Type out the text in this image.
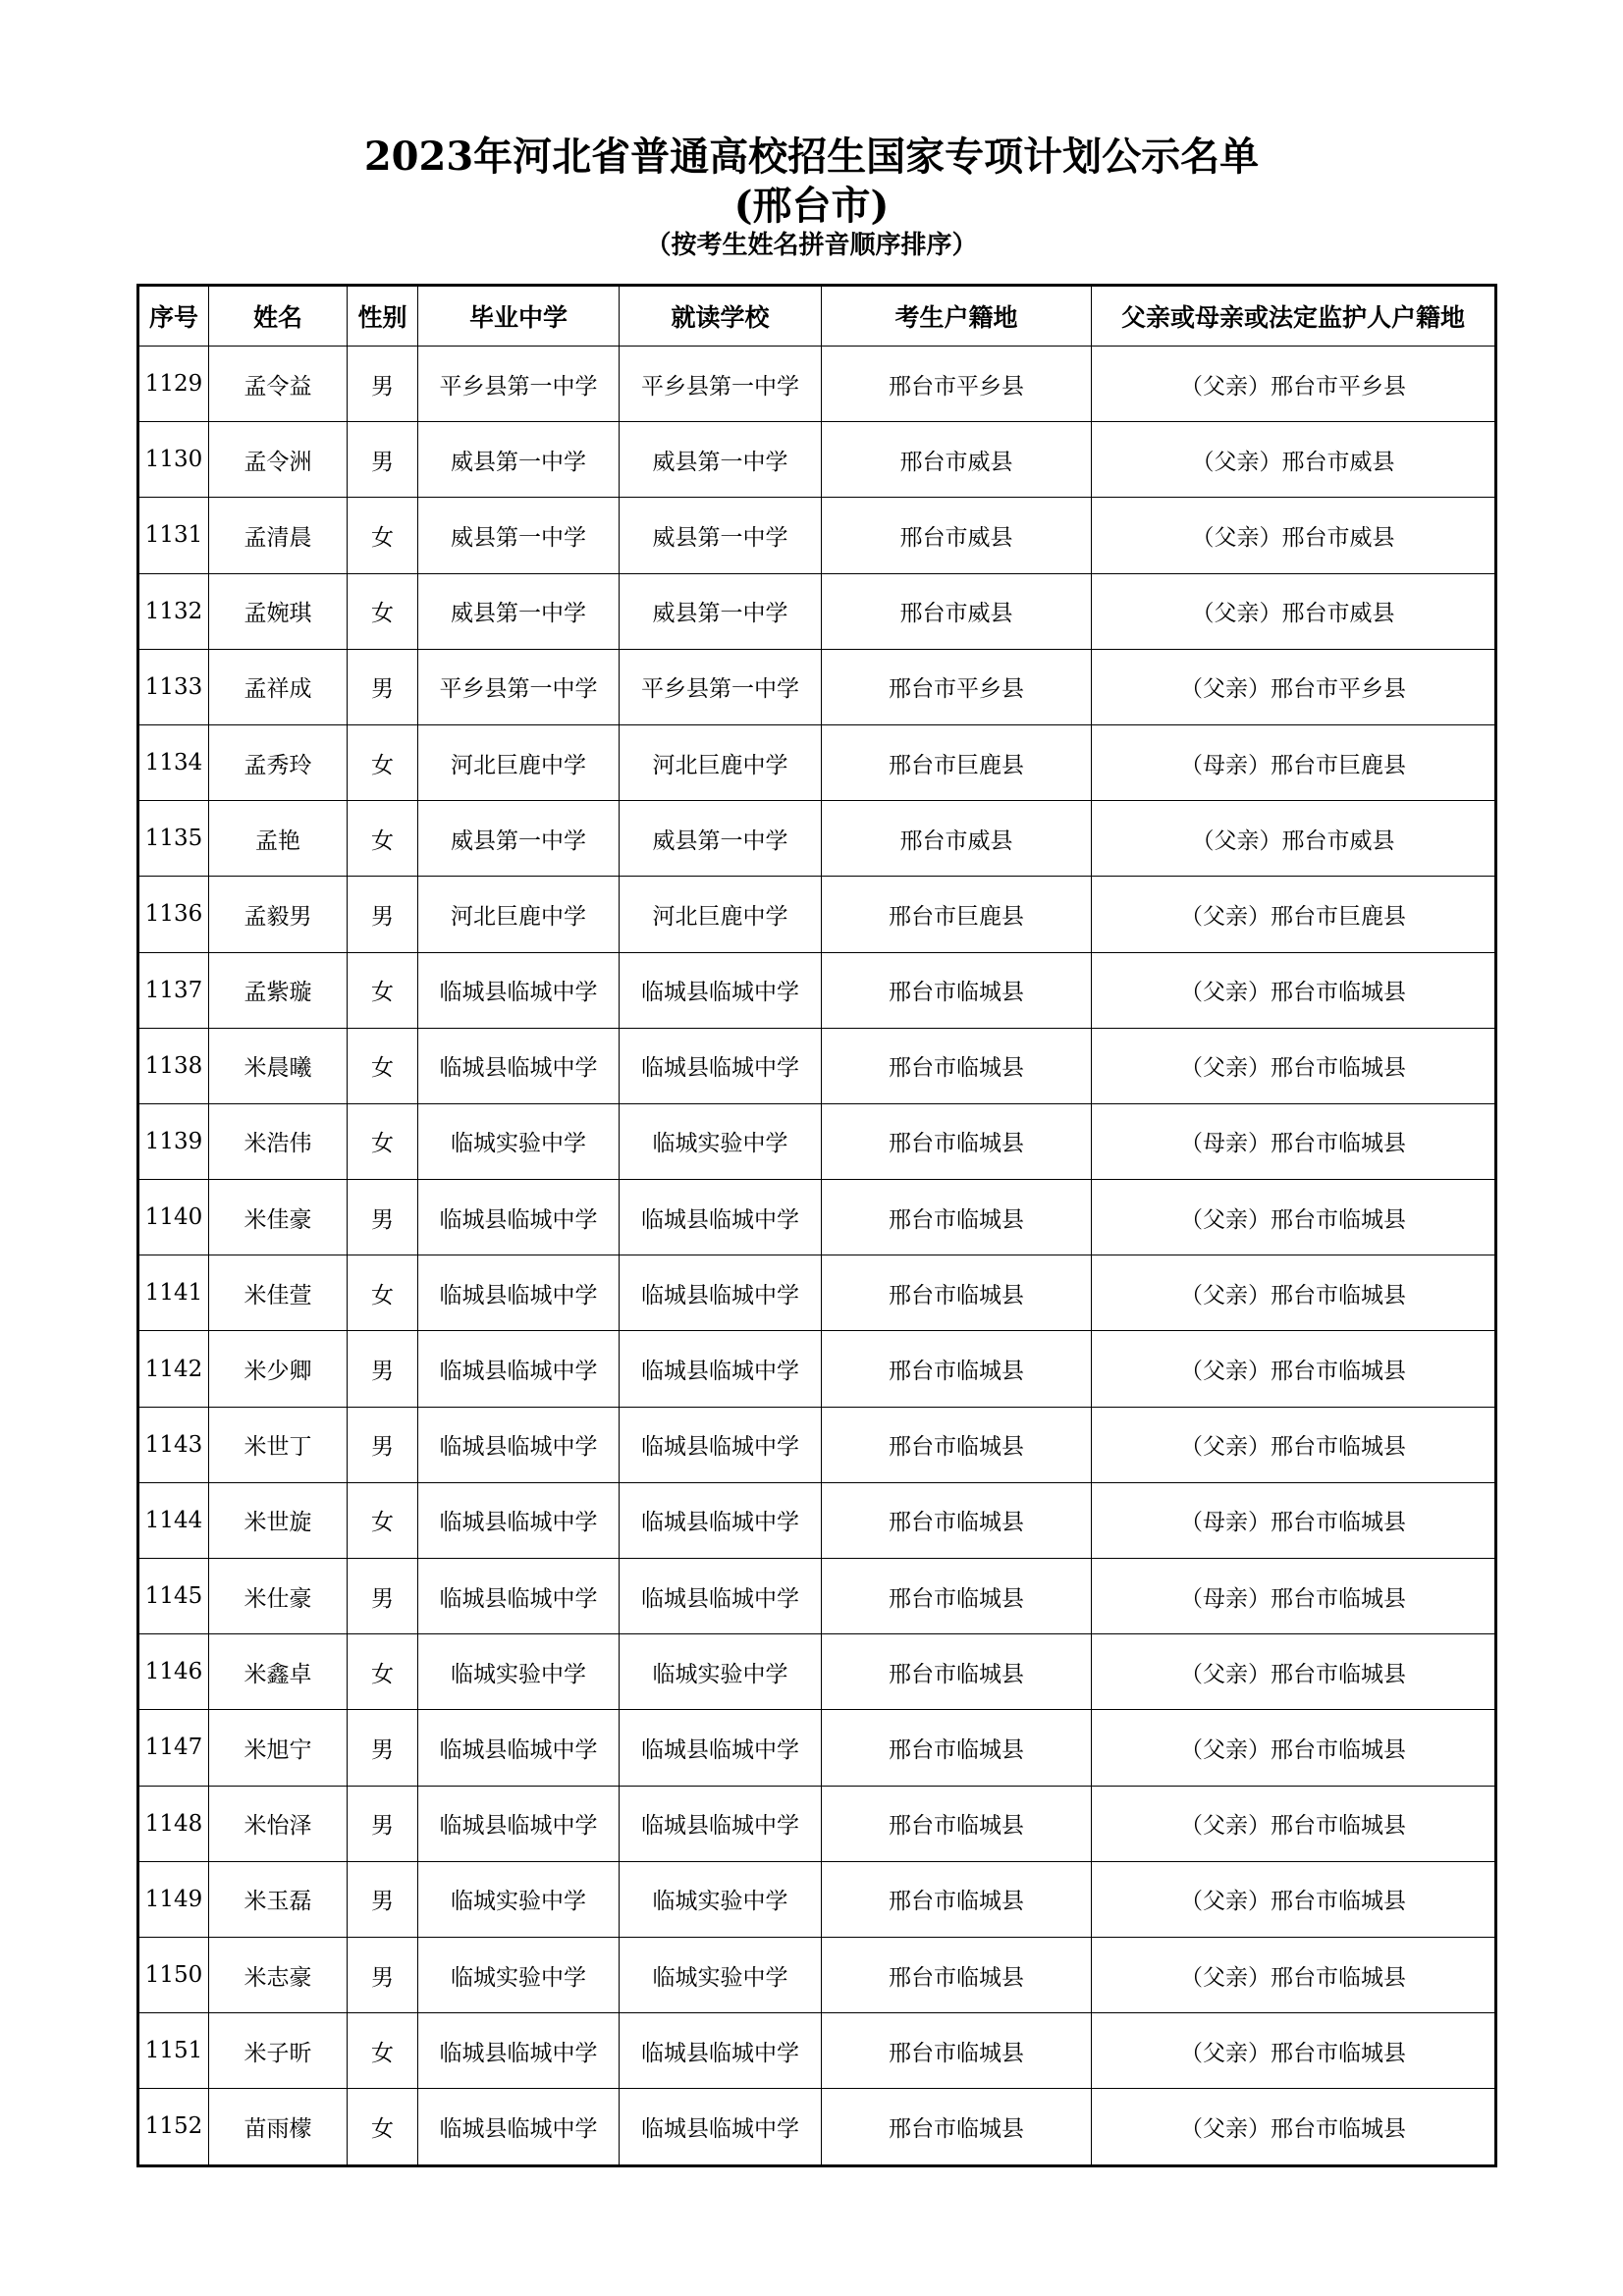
2023年河北省普通高校招生国家专项计划公示名单
(邢台市)
（按考生姓名拼音顺序排序）
序号	姓名	性别	毕业中学	就读学校	考生户籍地	父亲或母亲或法定监护人户籍地
1129	孟令益	男	平乡县第一中学	平乡县第一中学	邢台市平乡县	（父亲）邢台市平乡县
1130	孟令洲	男	威县第一中学	威县第一中学	邢台市威县	（父亲）邢台市威县
1131	孟清晨	女	威县第一中学	威县第一中学	邢台市威县	（父亲）邢台市威县
1132	孟婉琪	女	威县第一中学	威县第一中学	邢台市威县	（父亲）邢台市威县
1133	孟祥成	男	平乡县第一中学	平乡县第一中学	邢台市平乡县	（父亲）邢台市平乡县
1134	孟秀玲	女	河北巨鹿中学	河北巨鹿中学	邢台市巨鹿县	（母亲）邢台市巨鹿县
1135	孟艳	女	威县第一中学	威县第一中学	邢台市威县	（父亲）邢台市威县
1136	孟毅男	男	河北巨鹿中学	河北巨鹿中学	邢台市巨鹿县	（父亲）邢台市巨鹿县
1137	孟紫璇	女	临城县临城中学	临城县临城中学	邢台市临城县	（父亲）邢台市临城县
1138	米晨曦	女	临城县临城中学	临城县临城中学	邢台市临城县	（父亲）邢台市临城县
1139	米浩伟	女	临城实验中学	临城实验中学	邢台市临城县	（母亲）邢台市临城县
1140	米佳豪	男	临城县临城中学	临城县临城中学	邢台市临城县	（父亲）邢台市临城县
1141	米佳萱	女	临城县临城中学	临城县临城中学	邢台市临城县	（父亲）邢台市临城县
1142	米少卿	男	临城县临城中学	临城县临城中学	邢台市临城县	（父亲）邢台市临城县
1143	米世丁	男	临城县临城中学	临城县临城中学	邢台市临城县	（父亲）邢台市临城县
1144	米世旋	女	临城县临城中学	临城县临城中学	邢台市临城县	（母亲）邢台市临城县
1145	米仕豪	男	临城县临城中学	临城县临城中学	邢台市临城县	（母亲）邢台市临城县
1146	米鑫卓	女	临城实验中学	临城实验中学	邢台市临城县	（父亲）邢台市临城县
1147	米旭宁	男	临城县临城中学	临城县临城中学	邢台市临城县	（父亲）邢台市临城县
1148	米怡泽	男	临城县临城中学	临城县临城中学	邢台市临城县	（父亲）邢台市临城县
1149	米玉磊	男	临城实验中学	临城实验中学	邢台市临城县	（父亲）邢台市临城县
1150	米志豪	男	临城实验中学	临城实验中学	邢台市临城县	（父亲）邢台市临城县
1151	米子昕	女	临城县临城中学	临城县临城中学	邢台市临城县	（父亲）邢台市临城县
1152	苗雨檬	女	临城县临城中学	临城县临城中学	邢台市临城县	（父亲）邢台市临城县
